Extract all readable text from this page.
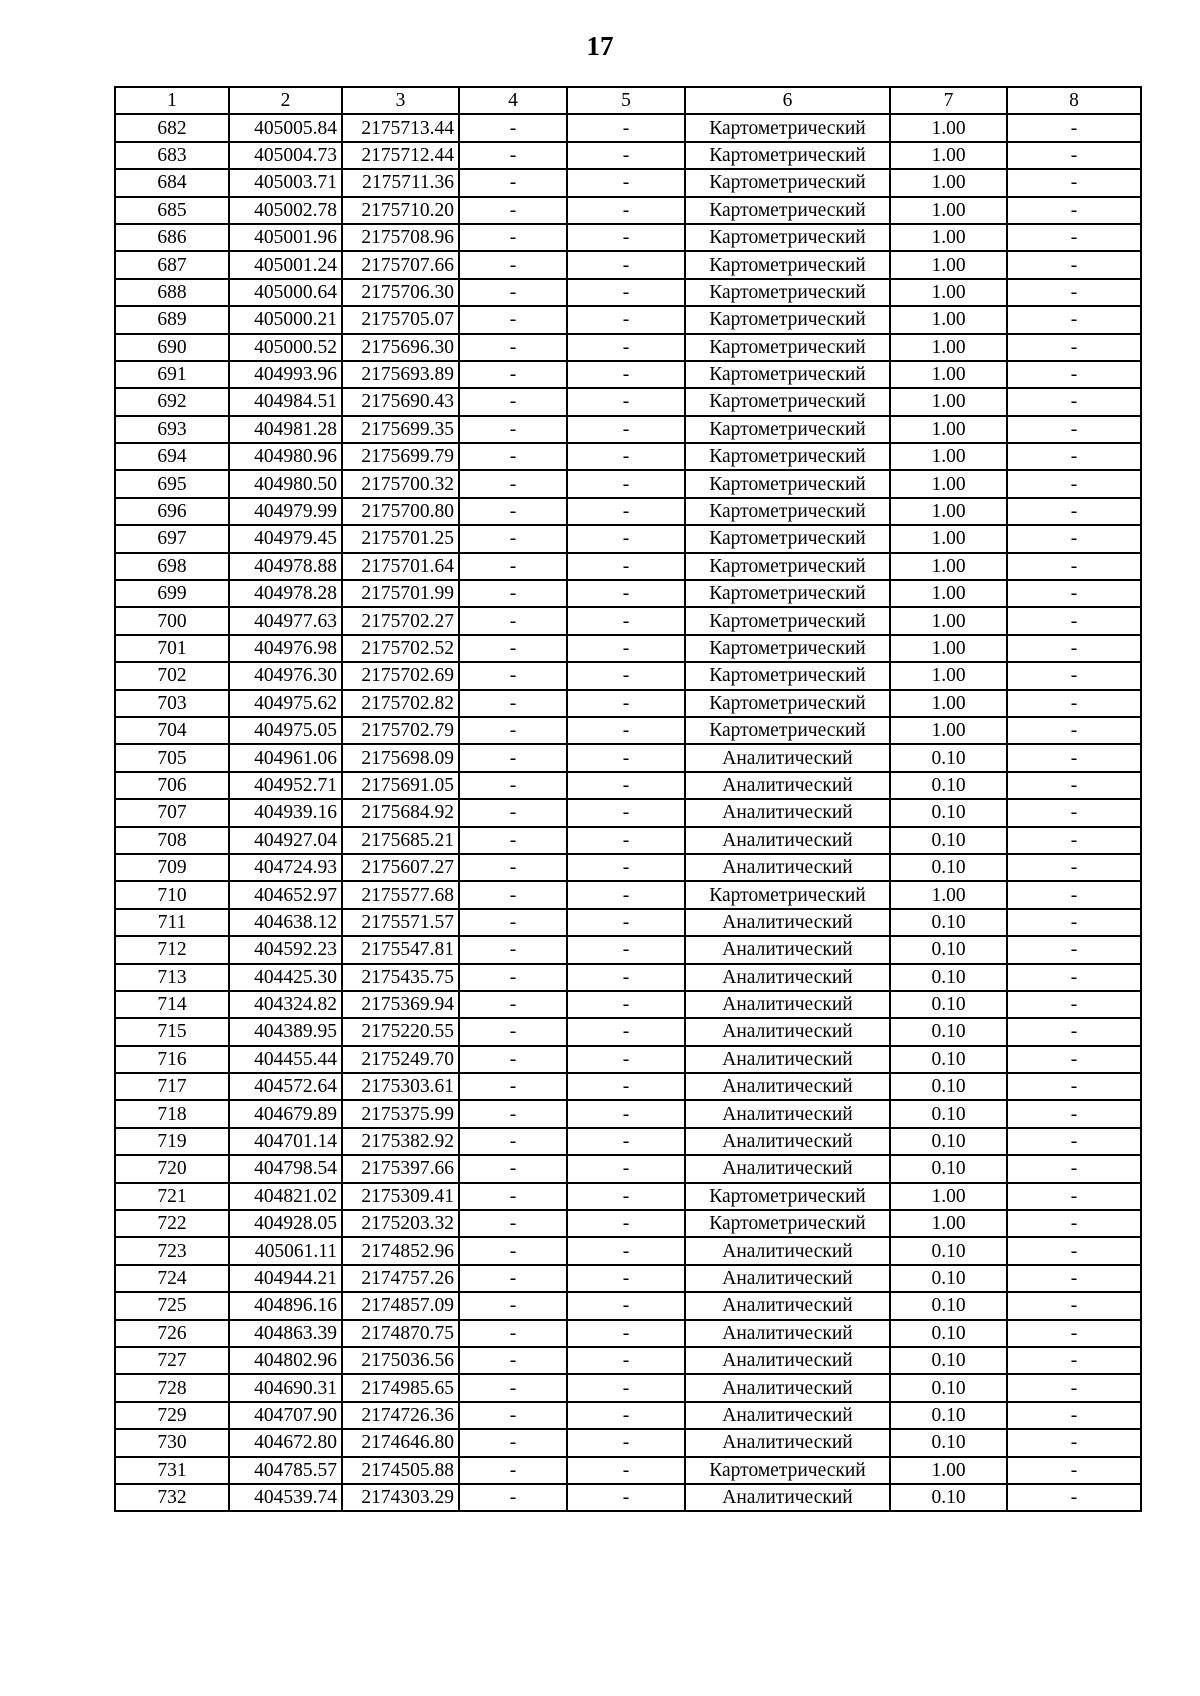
17
1	2	3	4	5	6	7	8
682	405005.84	2175713.44	-	-	Картометрический	1.00	-
683	405004.73	2175712.44	-	-	Картометрический	1.00	-
684	405003.71	2175711.36	-	-	Картометрический	1.00	-
685	405002.78	2175710.20	-	-	Картометрический	1.00	-
686	405001.96	2175708.96	-	-	Картометрический	1.00	-
687	405001.24	2175707.66	-	-	Картометрический	1.00	-
688	405000.64	2175706.30	-	-	Картометрический	1.00	-
689	405000.21	2175705.07	-	-	Картометрический	1.00	-
690	405000.52	2175696.30	-	-	Картометрический	1.00	-
691	404993.96	2175693.89	-	-	Картометрический	1.00	-
692	404984.51	2175690.43	-	-	Картометрический	1.00	-
693	404981.28	2175699.35	-	-	Картометрический	1.00	-
694	404980.96	2175699.79	-	-	Картометрический	1.00	-
695	404980.50	2175700.32	-	-	Картометрический	1.00	-
696	404979.99	2175700.80	-	-	Картометрический	1.00	-
697	404979.45	2175701.25	-	-	Картометрический	1.00	-
698	404978.88	2175701.64	-	-	Картометрический	1.00	-
699	404978.28	2175701.99	-	-	Картометрический	1.00	-
700	404977.63	2175702.27	-	-	Картометрический	1.00	-
701	404976.98	2175702.52	-	-	Картометрический	1.00	-
702	404976.30	2175702.69	-	-	Картометрический	1.00	-
703	404975.62	2175702.82	-	-	Картометрический	1.00	-
704	404975.05	2175702.79	-	-	Картометрический	1.00	-
705	404961.06	2175698.09	-	-	Аналитический	0.10	-
706	404952.71	2175691.05	-	-	Аналитический	0.10	-
707	404939.16	2175684.92	-	-	Аналитический	0.10	-
708	404927.04	2175685.21	-	-	Аналитический	0.10	-
709	404724.93	2175607.27	-	-	Аналитический	0.10	-
710	404652.97	2175577.68	-	-	Картометрический	1.00	-
711	404638.12	2175571.57	-	-	Аналитический	0.10	-
712	404592.23	2175547.81	-	-	Аналитический	0.10	-
713	404425.30	2175435.75	-	-	Аналитический	0.10	-
714	404324.82	2175369.94	-	-	Аналитический	0.10	-
715	404389.95	2175220.55	-	-	Аналитический	0.10	-
716	404455.44	2175249.70	-	-	Аналитический	0.10	-
717	404572.64	2175303.61	-	-	Аналитический	0.10	-
718	404679.89	2175375.99	-	-	Аналитический	0.10	-
719	404701.14	2175382.92	-	-	Аналитический	0.10	-
720	404798.54	2175397.66	-	-	Аналитический	0.10	-
721	404821.02	2175309.41	-	-	Картометрический	1.00	-
722	404928.05	2175203.32	-	-	Картометрический	1.00	-
723	405061.11	2174852.96	-	-	Аналитический	0.10	-
724	404944.21	2174757.26	-	-	Аналитический	0.10	-
725	404896.16	2174857.09	-	-	Аналитический	0.10	-
726	404863.39	2174870.75	-	-	Аналитический	0.10	-
727	404802.96	2175036.56	-	-	Аналитический	0.10	-
728	404690.31	2174985.65	-	-	Аналитический	0.10	-
729	404707.90	2174726.36	-	-	Аналитический	0.10	-
730	404672.80	2174646.80	-	-	Аналитический	0.10	-
731	404785.57	2174505.88	-	-	Картометрический	1.00	-
732	404539.74	2174303.29	-	-	Аналитический	0.10	-
